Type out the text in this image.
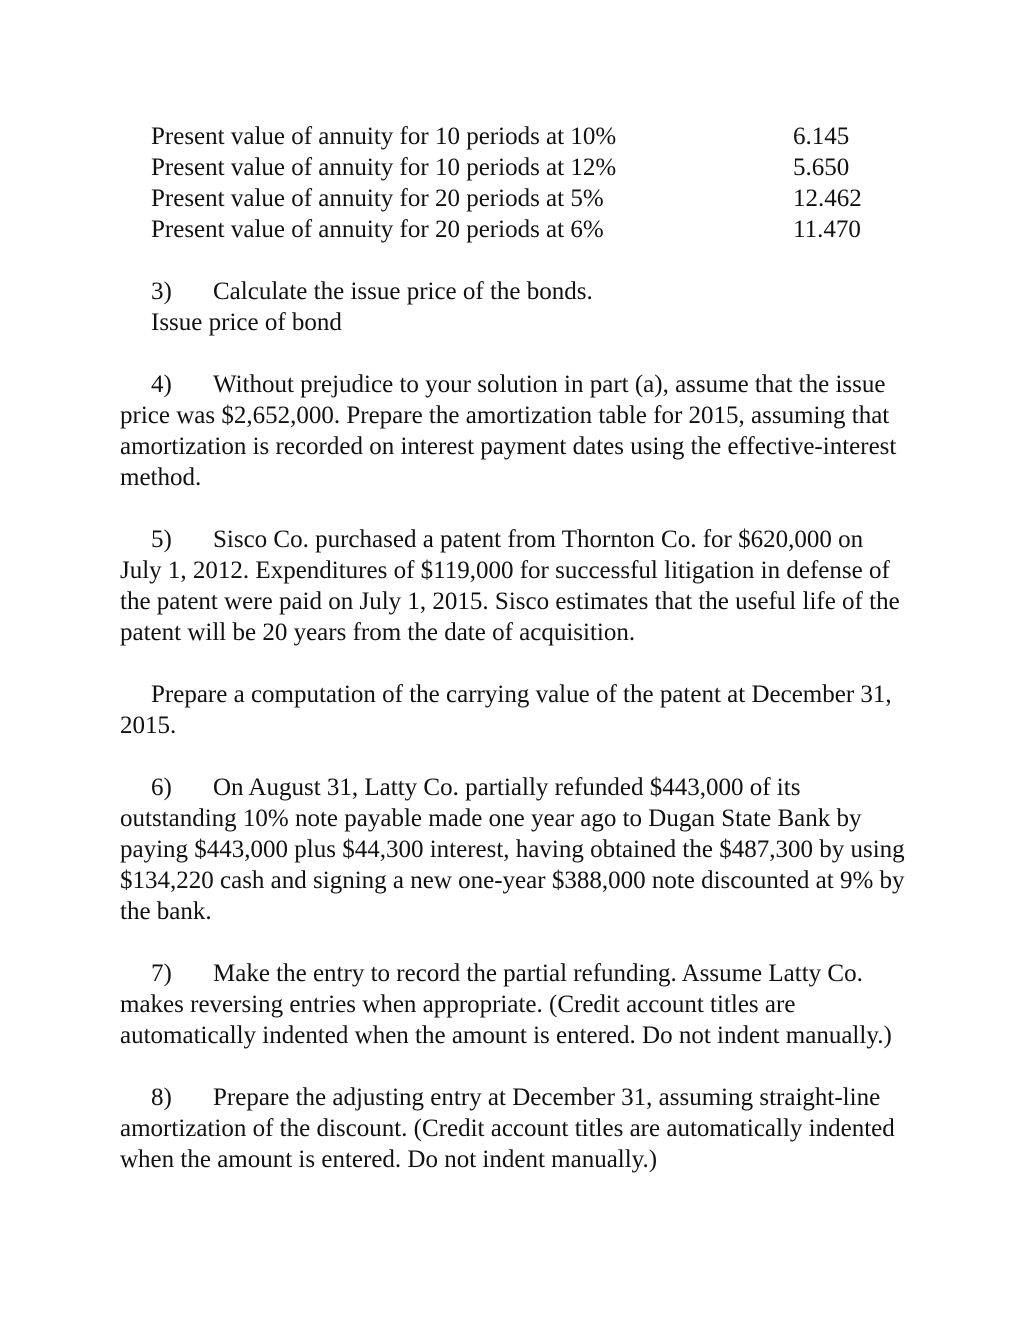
Present value of annuity for 10 periods at 10%	6.145
Present value of annuity for 10 periods at 12%	5.650
Present value of annuity for 20 periods at 5%	12.462
Present value of annuity for 20 periods at 6%	11.470
3) Calculate the issue price of the bonds.
Issue price of bond
4) Without prejudice to your solution in part (a), assume that the issue price was $2,652,000. Prepare the amortization table for 2015, assuming that amortization is recorded on interest payment dates using the effective-interest method.
5) Sisco Co. purchased a patent from Thornton Co. for $620,000 on July 1, 2012. Expenditures of $119,000 for successful litigation in defense of the patent were paid on July 1, 2015. Sisco estimates that the useful life of the patent will be 20 years from the date of acquisition.
Prepare a computation of the carrying value of the patent at December 31, 2015.
6) On August 31, Latty Co. partially refunded $443,000 of its outstanding 10% note payable made one year ago to Dugan State Bank by paying $443,000 plus $44,300 interest, having obtained the $487,300 by using $134,220 cash and signing a new one-year $388,000 note discounted at 9% by the bank.
7) Make the entry to record the partial refunding. Assume Latty Co. makes reversing entries when appropriate. (Credit account titles are automatically indented when the amount is entered. Do not indent manually.)
8) Prepare the adjusting entry at December 31, assuming straight-line amortization of the discount. (Credit account titles are automatically indented when the amount is entered. Do not indent manually.)
